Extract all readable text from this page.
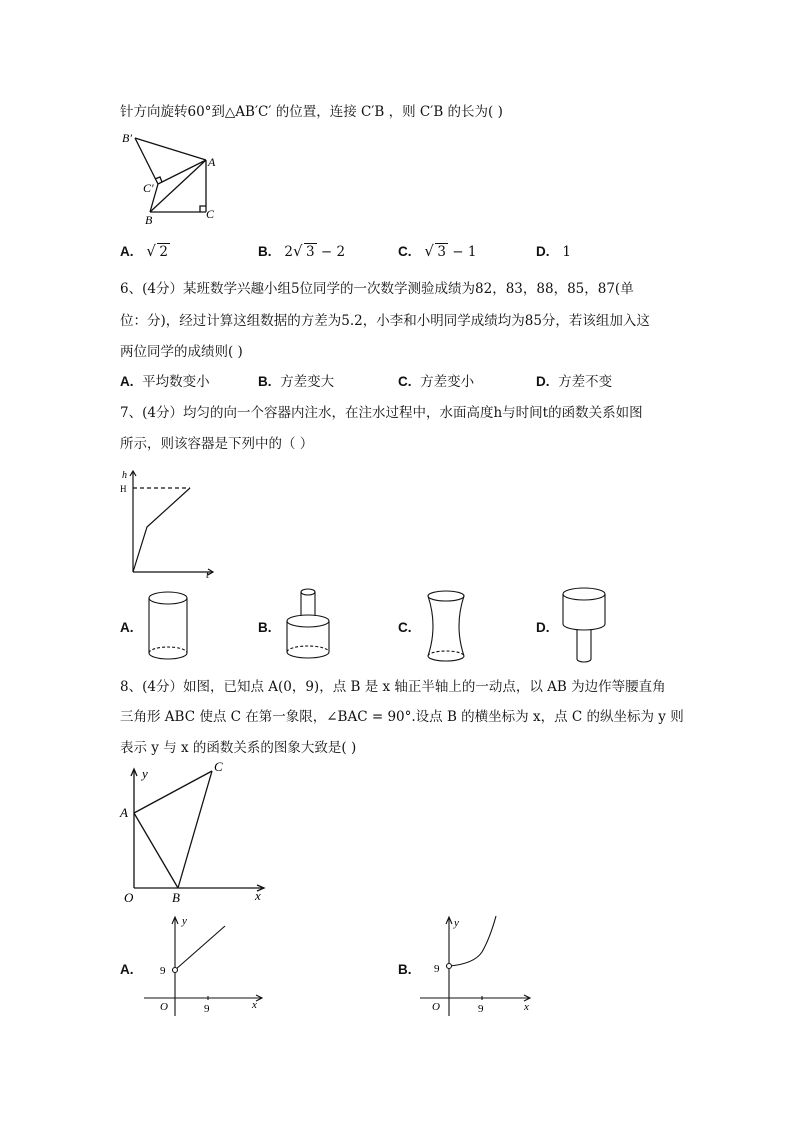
针方向旋转60°到△AB′C′ 的位置，连接 C′B ，则 C′B 的长为( )
B′
A
C′
B	C
A. √ 2	B. 2 √ 3 − 2	C. √ 3 − 1	D. 1
6、(4分）某班数学兴趣小组5位同学的一次数学测验成绩为82，83，88，85，87(单
位：分)，经过计算这组数据的方差为5.2，小李和小明同学成绩均为85分，若该组加入这
两位同学的成绩则( )
A. 平均数变小	B. 方差变大	C. 方差变小	D. 方差不变
7、(4分）均匀的向一个容器内注水，在注水过程中，水面高度h与时间t的函数关系如图
所示，则该容器是下列中的（ ）
h
H
t
A.	B.	C.	D.
8、(4分）如图，已知点 A(0，9)，点 B 是 x 轴正半轴上的一动点，以 AB 为边作等腰直角
三角形 ABC 使点 C 在第一象限，∠BAC = 90°.设点 B 的横坐标为 x，点 C 的纵坐标为 y 则
表示 y 与 x 的函数关系的图象大致是( )
y	C
A
O	B	x
A.
y
9
O	9	x
B.
y
9
O	9	x
